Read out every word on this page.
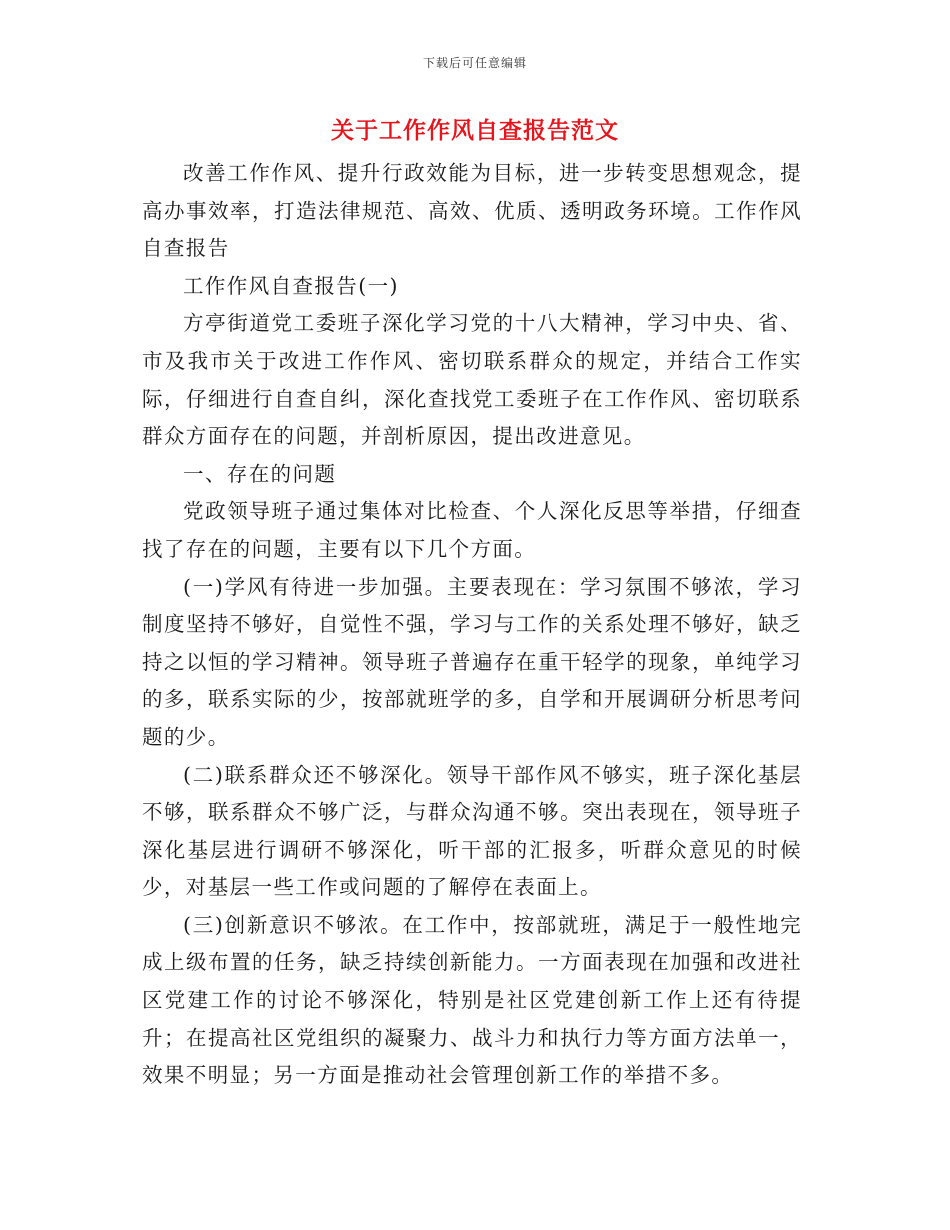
下载后可任意编辑
关于工作作风自查报告范文

改善工作作风、提升行政效能为目标，进一步转变思想观念，提高办事效率，打造法律规范、高效、优质、透明政务环境。工作作风自查报告

工作作风自查报告(一)

方亭街道党工委班子深化学习党的十八大精神，学习中央、省、市及我市关于改进工作作风、密切联系群众的规定，并结合工作实际，仔细进行自查自纠，深化查找党工委班子在工作作风、密切联系群众方面存在的问题，并剖析原因，提出改进意见。

一、存在的问题

党政领导班子通过集体对比检查、个人深化反思等举措，仔细查找了存在的问题，主要有以下几个方面。

(一)学风有待进一步加强。主要表现在：学习氛围不够浓，学习制度坚持不够好，自觉性不强，学习与工作的关系处理不够好，缺乏持之以恒的学习精神。领导班子普遍存在重干轻学的现象，单纯学习的多，联系实际的少，按部就班学的多，自学和开展调研分析思考问题的少。

(二)联系群众还不够深化。领导干部作风不够实，班子深化基层不够，联系群众不够广泛，与群众沟通不够。突出表现在，领导班子深化基层进行调研不够深化，听干部的汇报多，听群众意见的时候少，对基层一些工作或问题的了解停在表面上。

(三)创新意识不够浓。在工作中，按部就班，满足于一般性地完成上级布置的任务，缺乏持续创新能力。一方面表现在加强和改进社区党建工作的讨论不够深化，特别是社区党建创新工作上还有待提升；在提高社区党组织的凝聚力、战斗力和执行力等方面方法单一，效果不明显；另一方面是推动社会管理创新工作的举措不多。
